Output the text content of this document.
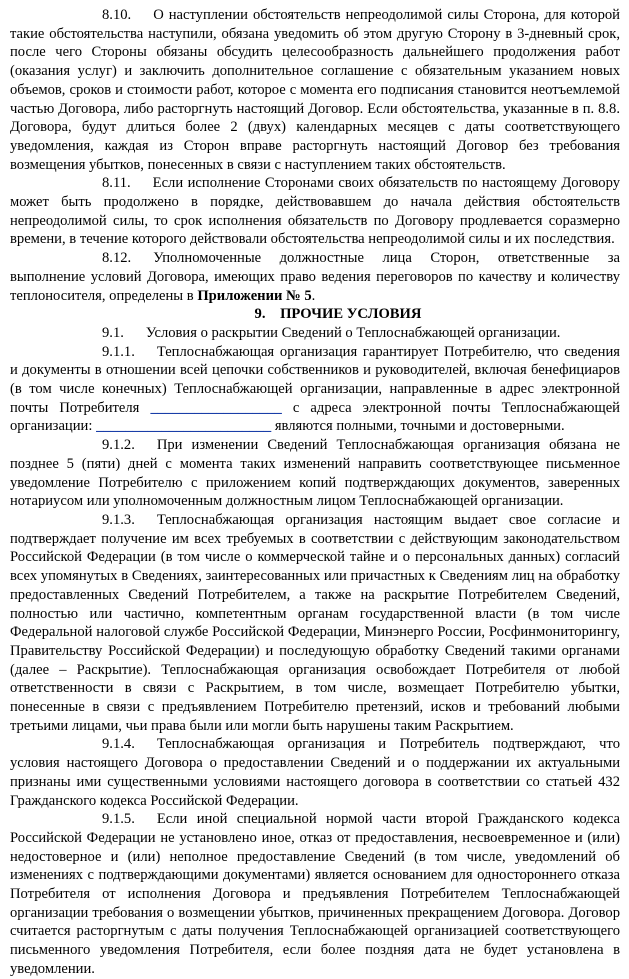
8.10. О наступлении обстоятельств непреодолимой силы Сторона, для которой такие обстоятельства наступили, обязана уведомить об этом другую Сторону в 3-дневный срок, после чего Стороны обязаны обсудить целесообразность дальнейшего продолжения работ (оказания услуг) и заключить дополнительное соглашение с обязательным указанием новых объемов, сроков и стоимости работ, которое с момента его подписания становится неотъемлемой частью Договора, либо расторгнуть настоящий Договор. Если обстоятельства, указанные в п. 8.8. Договора, будут длиться более 2 (двух) календарных месяцев с даты соответствующего уведомления, каждая из Сторон вправе расторгнуть настоящий Договор без требования возмещения убытков, понесенных в связи с наступлением таких обстоятельств.

8.11. Если исполнение Сторонами своих обязательств по настоящему Договору может быть продолжено в порядке, действовавшем до начала действия обстоятельств непреодолимой силы, то срок исполнения обязательств по Договору продлевается соразмерно времени, в течение которого действовали обстоятельства непреодолимой силы и их последствия.

8.12. Уполномоченные должностные лица Сторон, ответственные за выполнение условий Договора, имеющих право ведения переговоров по качеству и количеству теплоносителя, определены в Приложении № 5.

9.    ПРОЧИЕ УСЛОВИЯ

9.1. Условия о раскрытии Сведений о Теплоснабжающей организации.

9.1.1. Теплоснабжающая организация гарантирует Потребителю, что сведения и документы в отношении всей цепочки собственников и руководителей, включая бенефициаров (в том числе конечных) Теплоснабжающей организации, направленные в адрес электронной почты Потребителя __________________ с адреса электронной почты Теплоснабжающей организации: ________________________ являются полными, точными и достоверными.

9.1.2. При изменении Сведений Теплоснабжающая организация обязана не позднее 5 (пяти) дней с момента таких изменений направить соответствующее письменное уведомление Потребителю с приложением копий подтверждающих документов, заверенных нотариусом или уполномоченным должностным лицом Теплоснабжающей организации.

9.1.3. Теплоснабжающая организация настоящим выдает свое согласие и подтверждает получение им всех требуемых в соответствии с действующим законодательством Российской Федерации (в том числе о коммерческой тайне и о персональных данных) согласий всех упомянутых в Сведениях, заинтересованных или причастных к Сведениям лиц на обработку предоставленных Сведений Потребителем, а также на раскрытие Потребителем Сведений, полностью или частично, компетентным органам государственной власти (в том числе Федеральной налоговой службе Российской Федерации, Минэнерго России, Росфинмониторингу, Правительству Российской Федерации) и последующую обработку Сведений такими органами (далее – Раскрытие). Теплоснабжающая организация освобождает Потребителя от любой ответственности в связи с Раскрытием, в том числе, возмещает Потребителю убытки, понесенные в связи с предъявлением Потребителю претензий, исков и требований любыми третьими лицами, чьи права были или могли быть нарушены таким Раскрытием.

9.1.4. Теплоснабжающая организация и Потребитель подтверждают, что условия настоящего Договора о предоставлении Сведений и о поддержании их актуальными признаны ими существенными условиями настоящего договора в соответствии со статьей 432 Гражданского кодекса Российской Федерации.

9.1.5. Если иной специальной нормой части второй Гражданского кодекса Российской Федерации не установлено иное, отказ от предоставления, несвоевременное и (или) недостоверное и (или) неполное предоставление Сведений (в том числе, уведомлений об изменениях с подтверждающими документами) является основанием для одностороннего отказа Потребителя от исполнения Договора и предъявления Потребителем Теплоснабжающей организации требования о возмещении убытков, причиненных прекращением Договора. Договор считается расторгнутым с даты получения Теплоснабжающей организацией соответствующего письменного уведомления Потребителя, если более поздняя дата не будет установлена в уведомлении.
